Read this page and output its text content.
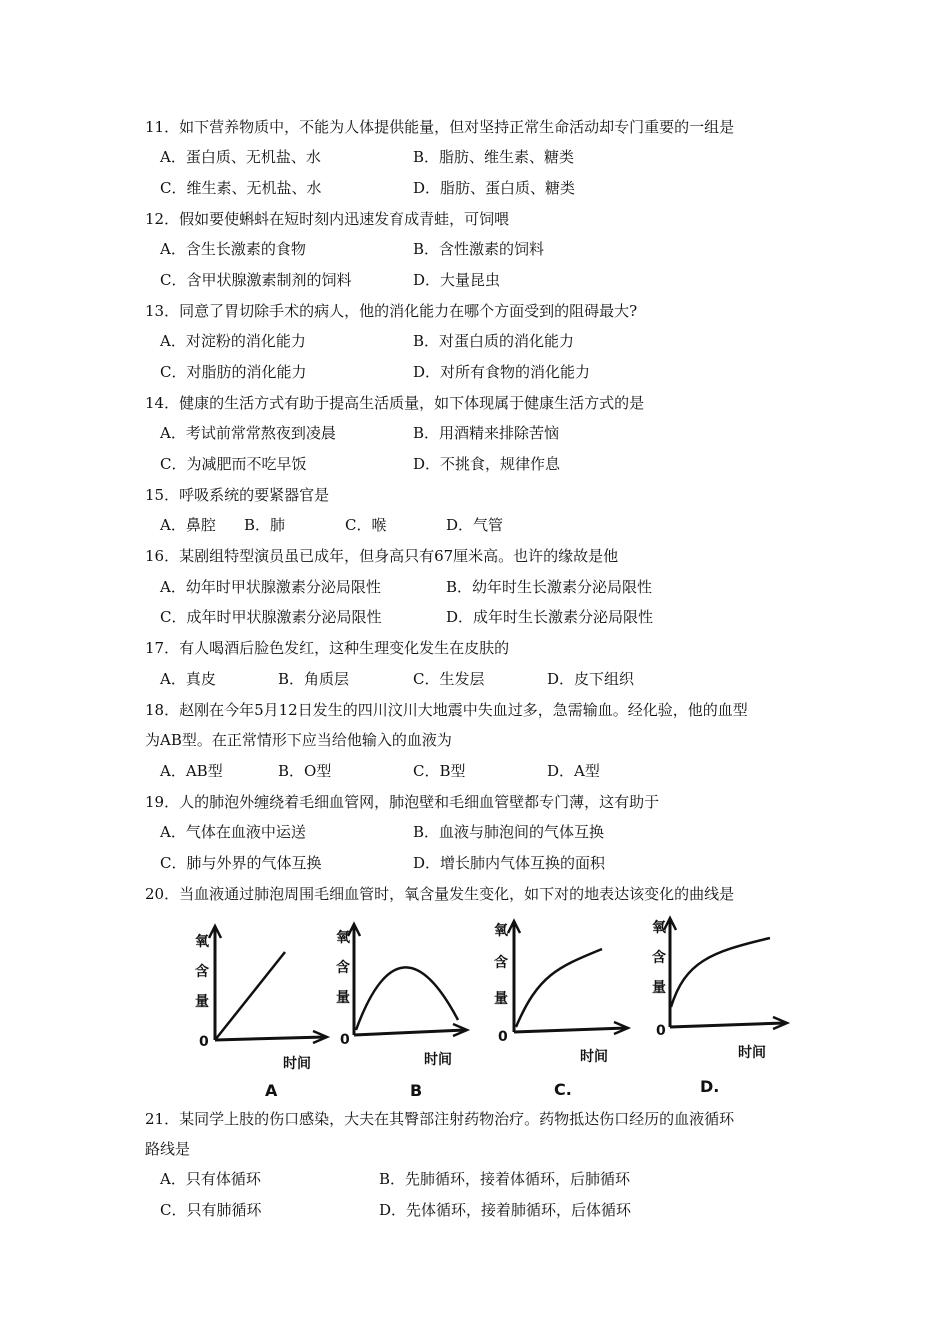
11．如下营养物质中，不能为人体提供能量，但对坚持正常生命活动却专门重要的一组是
A．蛋白质、无机盐、水	B．脂肪、维生素、糖类
C．维生素、无机盐、水	D．脂肪、蛋白质、糖类
12．假如要使蝌蚪在短时刻内迅速发育成青蛙，可饲喂
A．含生长激素的食物	B．含性激素的饲料
C．含甲状腺激素制剂的饲料	D．大量昆虫
13．同意了胃切除手术的病人，他的消化能力在哪个方面受到的阻碍最大?
A．对淀粉的消化能力	B．对蛋白质的消化能力
C．对脂肪的消化能力	D．对所有食物的消化能力
14．健康的生活方式有助于提高生活质量，如下体现属于健康生活方式的是
A．考试前常常熬夜到凌晨	B．用酒精来排除苦恼
C．为减肥而不吃早饭	D．不挑食，规律作息
15．呼吸系统的要紧器官是
A．鼻腔 B．肺	C．喉	D．气管
16．某剧组特型演员虽已成年，但身高只有67厘米高。也许的缘故是他
A．幼年时甲状腺激素分泌局限性	B．幼年时生长激素分泌局限性
C．成年时甲状腺激素分泌局限性	D．成年时生长激素分泌局限性
17．有人喝酒后脸色发红，这种生理变化发生在皮肤的
A．真皮	B．角质层	C．生发层	D．皮下组织
18．赵刚在今年5月12日发生的四川汶川大地震中失血过多，急需输血。经化验，他的血型
为AB型。在正常情形下应当给他输入的血液为
A．AB型	B．O型	C．B型	D．A型
19．人的肺泡外缠绕着毛细血管网，肺泡壁和毛细血管壁都专门薄，这有助于
A．气体在血液中运送	B．血液与肺泡间的气体互换
C．肺与外界的气体互换	D．增长肺内气体互换的面积
20．当血液通过肺泡周围毛细血管时，氧含量发生变化，如下对的地表达该变化的曲线是
氧
含
量
0
时间
A
氧
含
量
0
时间
B
氧
含
量
0
时间
C.
氧
含
量
0
时间
D.
21．某同学上肢的伤口感染，大夫在其臀部注射药物治疗。药物抵达伤口经历的血液循环
路线是
A．只有体循环	B．先肺循环，接着体循环，后肺循环
C．只有肺循环	D．先体循环，接着肺循环，后体循环
